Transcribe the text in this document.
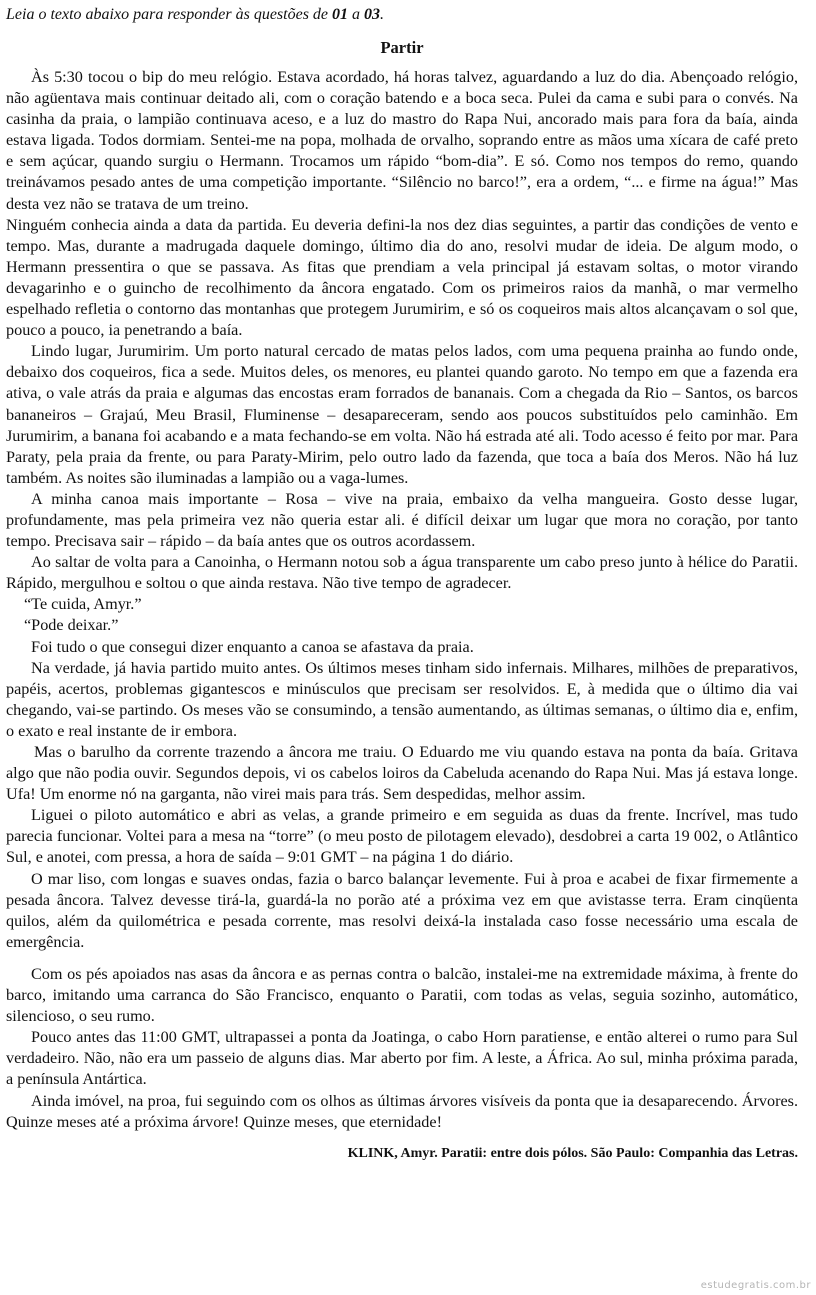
Leia o texto abaixo para responder às questões de 01 a 03.
Partir

Às 5:30 tocou o bip do meu relógio. Estava acordado, há horas talvez, aguardando a luz do dia. Abençoado relógio, não agüentava mais continuar deitado ali, com o coração batendo e a boca seca. Pulei da cama e subi para o convés. Na casinha da praia, o lampião continuava aceso, e a luz do mastro do Rapa Nui, ancorado mais para fora da baía, ainda estava ligada. Todos dormiam. Sentei-me na popa, molhada de orvalho, soprando entre as mãos uma xícara de café preto e sem açúcar, quando surgiu o Hermann. Trocamos um rápido “bom-dia”. E só. Como nos tempos do remo, quando treinávamos pesado antes de uma competição importante. “Silêncio no barco!”, era a ordem, “... e firme na água!” Mas desta vez não se tratava de um treino.

Ninguém conhecia ainda a data da partida. Eu deveria defini-la nos dez dias seguintes, a partir das condições de vento e tempo. Mas, durante a madrugada daquele domingo, último dia do ano, resolvi mudar de ideia. De algum modo, o Hermann pressentira o que se passava. As fitas que prendiam a vela principal já estavam soltas, o motor virando devagarinho e o guincho de recolhimento da âncora engatado. Com os primeiros raios da manhã, o mar vermelho espelhado refletia o contorno das montanhas que protegem Jurumirim, e só os coqueiros mais altos alcançavam o sol que, pouco a pouco, ia penetrando a baía.

Lindo lugar, Jurumirim. Um porto natural cercado de matas pelos lados, com uma pequena prainha ao fundo onde, debaixo dos coqueiros, fica a sede. Muitos deles, os menores, eu plantei quando garoto. No tempo em que a fazenda era ativa, o vale atrás da praia e algumas das encostas eram forrados de bananais. Com a chegada da Rio – Santos, os barcos bananeiros – Grajaú, Meu Brasil, Fluminense – desapareceram, sendo aos poucos substituídos pelo caminhão. Em Jurumirim, a banana foi acabando e a mata fechando-se em volta. Não há estrada até ali. Todo acesso é feito por mar. Para Paraty, pela praia da frente, ou para Paraty-Mirim, pelo outro lado da fazenda, que toca a baía dos Meros. Não há luz também. As noites são iluminadas a lampião ou a vaga-lumes.

A minha canoa mais importante – Rosa – vive na praia, embaixo da velha mangueira. Gosto desse lugar, profundamente, mas pela primeira vez não queria estar ali. é difícil deixar um lugar que mora no coração, por tanto tempo. Precisava sair – rápido – da baía antes que os outros acordassem.

Ao saltar de volta para a Canoinha, o Hermann notou sob a água transparente um cabo preso junto à hélice do Paratii. Rápido, mergulhou e soltou o que ainda restava. Não tive tempo de agradecer.

“Te cuida, Amyr.”

“Pode deixar.”

Foi tudo o que consegui dizer enquanto a canoa se afastava da praia.

Na verdade, já havia partido muito antes. Os últimos meses tinham sido infernais. Milhares, milhões de preparativos, papéis, acertos, problemas gigantescos e minúsculos que precisam ser resolvidos. E, à medida que o último dia vai chegando, vai-se partindo. Os meses vão se consumindo, a tensão aumentando, as últimas semanas, o último dia e, enfim, o exato e real instante de ir embora.

Mas o barulho da corrente trazendo a âncora me traiu. O Eduardo me viu quando estava na ponta da baía. Gritava algo que não podia ouvir. Segundos depois, vi os cabelos loiros da Cabeluda acenando do Rapa Nui. Mas já estava longe. Ufa! Um enorme nó na garganta, não virei mais para trás. Sem despedidas, melhor assim.

Liguei o piloto automático e abri as velas, a grande primeiro e em seguida as duas da frente. Incrível, mas tudo parecia funcionar. Voltei para a mesa na “torre” (o meu posto de pilotagem elevado), desdobrei a carta 19 002, o Atlântico Sul, e anotei, com pressa, a hora de saída – 9:01 GMT – na página 1 do diário.

O mar liso, com longas e suaves ondas, fazia o barco balançar levemente. Fui à proa e acabei de fixar firmemente a pesada âncora. Talvez devesse tirá-la, guardá-la no porão até a próxima vez em que avistasse terra. Eram cinqüenta quilos, além da quilométrica e pesada corrente, mas resolvi deixá-la instalada caso fosse necessário uma escala de emergência.

Com os pés apoiados nas asas da âncora e as pernas contra o balcão, instalei-me na extremidade máxima, à frente do barco, imitando uma carranca do São Francisco, enquanto o Paratii, com todas as velas, seguia sozinho, automático, silencioso, o seu rumo.

Pouco antes das 11:00 GMT, ultrapassei a ponta da Joatinga, o cabo Horn paratiense, e então alterei o rumo para Sul verdadeiro. Não, não era um passeio de alguns dias. Mar aberto por fim. A leste, a África. Ao sul, minha próxima parada, a península Antártica.

Ainda imóvel, na proa, fui seguindo com os olhos as últimas árvores visíveis da ponta que ia desaparecendo. Árvores. Quinze meses até a próxima árvore! Quinze meses, que eternidade!

KLINK, Amyr. Paratii: entre dois pólos. São Paulo: Companhia das Letras.
estudegratis.com.br
